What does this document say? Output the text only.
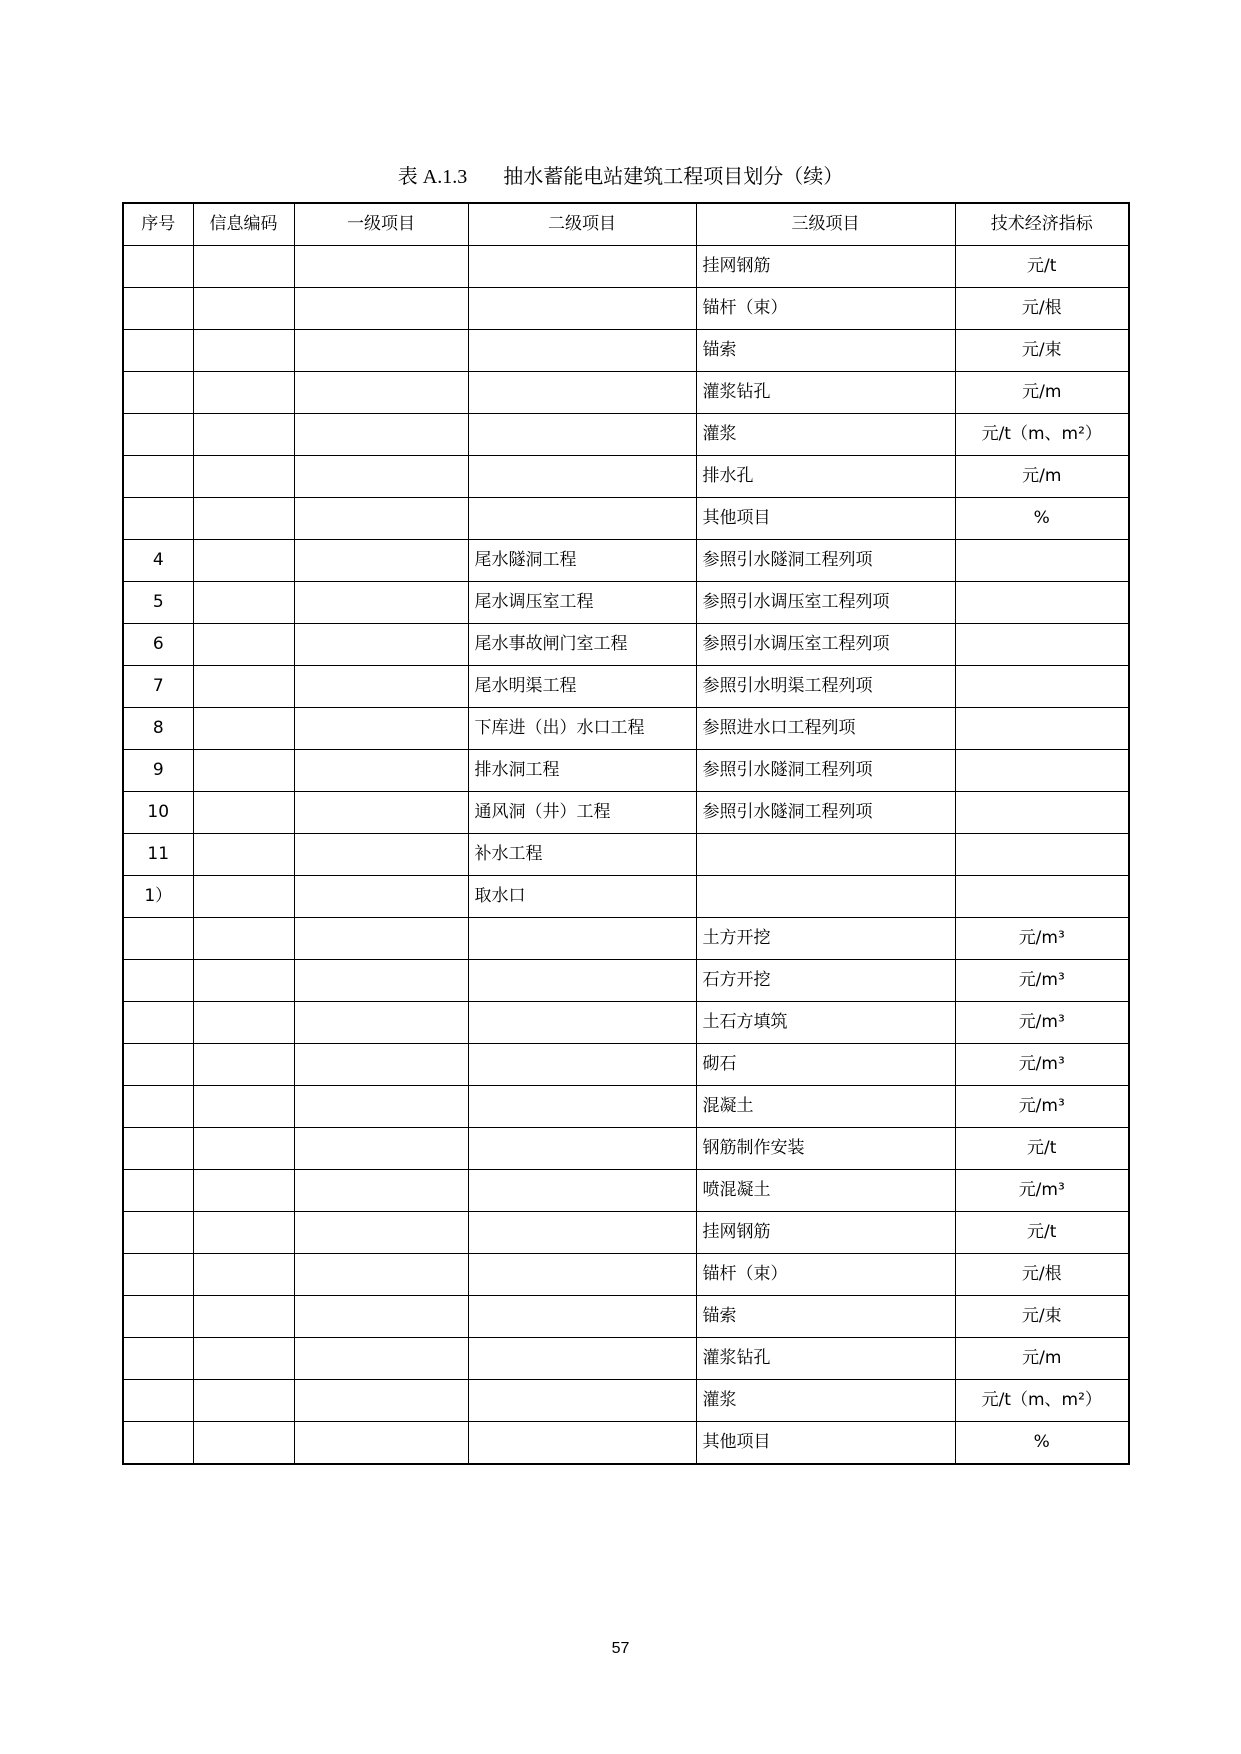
表 A.1.3 抽水蓄能电站建筑工程项目划分（续）
序号	信息编码	一级项目	二级项目	三级项目	技术经济指标
				挂网钢筋	元/t
				锚杆（束）	元/根
				锚索	元/束
				灌浆钻孔	元/m
				灌浆	元/t（m、m²）
				排水孔	元/m
				其他项目	%
4			尾水隧洞工程	参照引水隧洞工程列项	
5			尾水调压室工程	参照引水调压室工程列项	
6			尾水事故闸门室工程	参照引水调压室工程列项	
7			尾水明渠工程	参照引水明渠工程列项	
8			下库进（出）水口工程	参照进水口工程列项	
9			排水洞工程	参照引水隧洞工程列项	
10			通风洞（井）工程	参照引水隧洞工程列项	
11			补水工程		
1）			取水口		
				土方开挖	元/m³
				石方开挖	元/m³
				土石方填筑	元/m³
				砌石	元/m³
				混凝土	元/m³
				钢筋制作安装	元/t
				喷混凝土	元/m³
				挂网钢筋	元/t
				锚杆（束）	元/根
				锚索	元/束
				灌浆钻孔	元/m
				灌浆	元/t（m、m²）
				其他项目	%
57
